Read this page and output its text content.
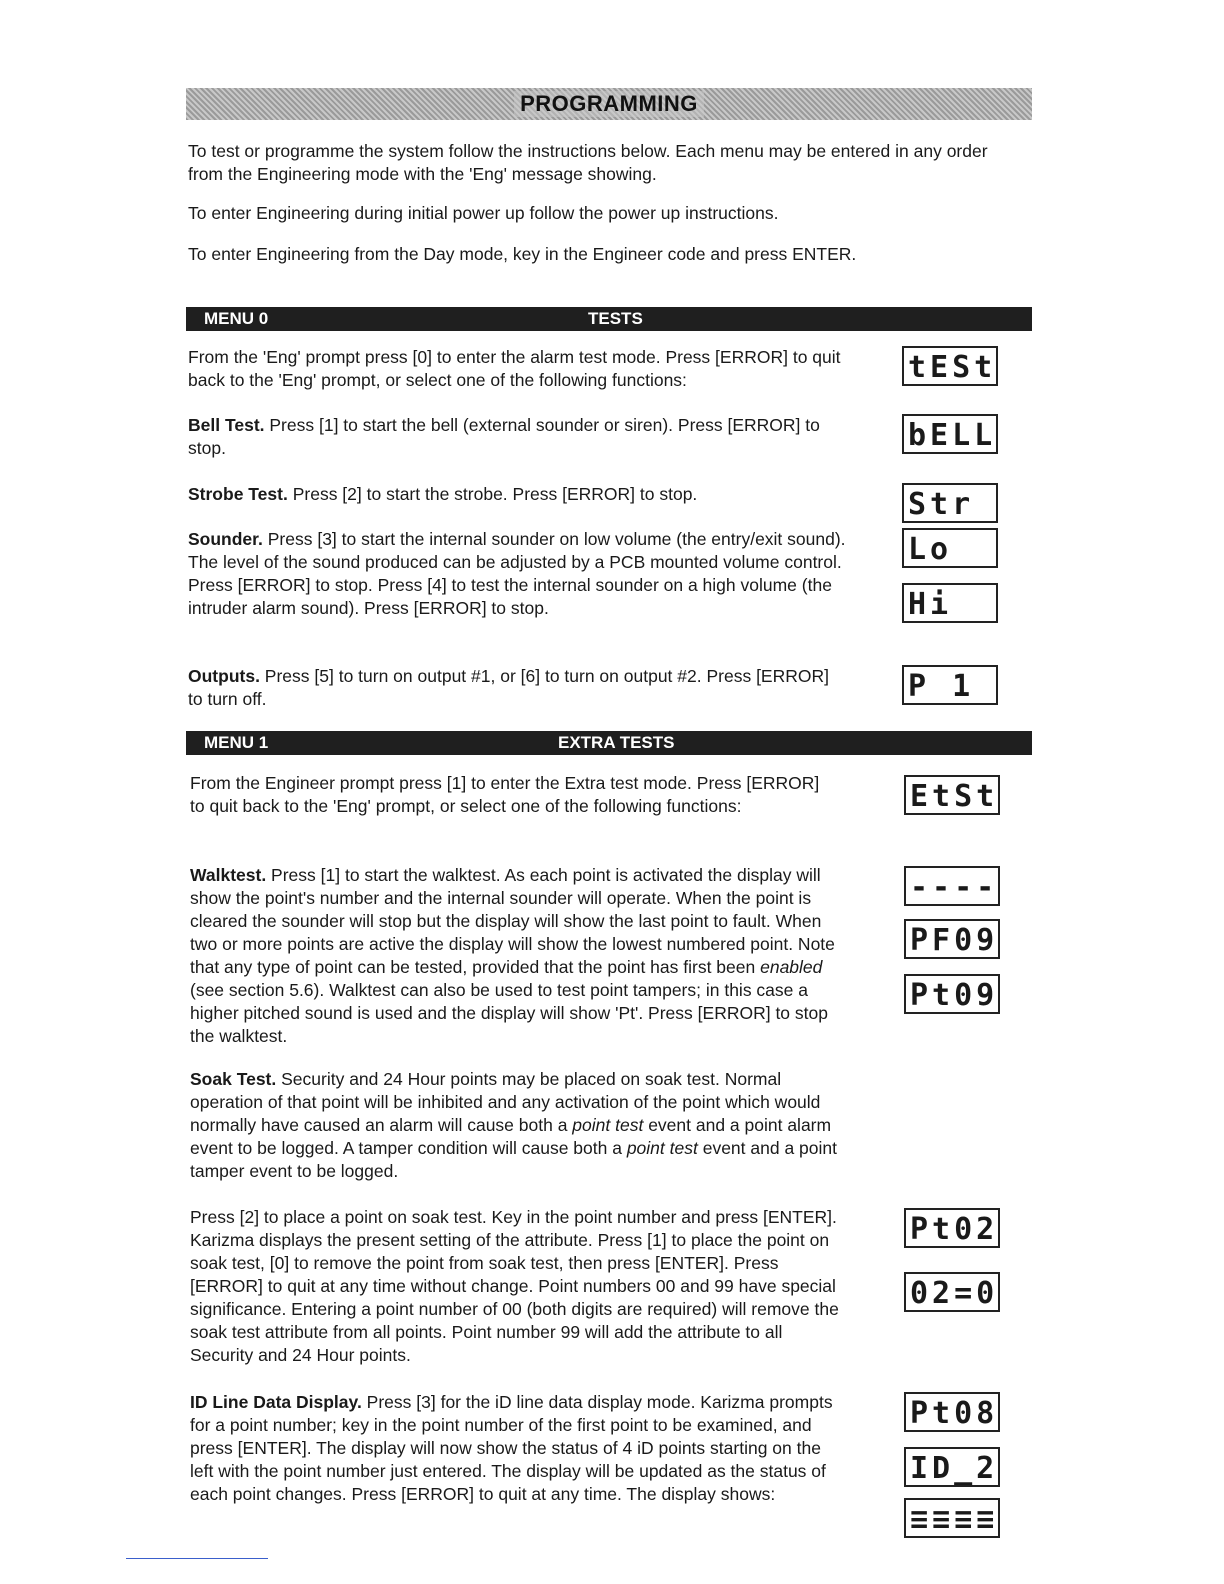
PROGRAMMING

To test or programme the system follow the instructions below. Each menu may be entered in any order from the Engineering mode with the 'Eng' message showing.

To enter Engineering during initial power up follow the power up instructions.

To enter Engineering from the Day mode, key in the Engineer code and press ENTER.

MENU 0	TESTS

From the 'Eng' prompt press [0] to enter the alarm test mode. Press [ERROR] to quit back to the 'Eng' prompt, or select one of the following functions:	tESt

Bell Test. Press [1] to start the bell (external sounder or siren). Press [ERROR] to stop.	bELL

Strobe Test. Press [2] to start the strobe. Press [ERROR] to stop.	Str

Sounder. Press [3] to start the internal sounder on low volume (the entry/exit sound). The level of the sound produced can be adjusted by a PCB mounted volume control. Press [ERROR] to stop. Press [4] to test the internal sounder on a high volume (the intruder alarm sound). Press [ERROR] to stop.

Lo
Hi

Outputs. Press [5] to turn on output #1, or [6] to turn on output #2. Press [ERROR] to turn off.	P 1
MENU 1	EXTRA TESTS

From the Engineer prompt press [1] to enter the Extra test mode. Press [ERROR] to quit back to the 'Eng' prompt, or select one of the following functions:	EtSt

Walktest. Press [1] to start the walktest. As each point is activated the display will show the point's number and the internal sounder will operate. When the point is cleared the sounder will stop but the display will show the last point to fault. When two or more points are active the display will show the lowest numbered point. Note that any type of point can be tested, provided that the point has first been enabled (see section 5.6). Walktest can also be used to test point tampers; in this case a higher pitched sound is used and the display will show 'Pt'. Press [ERROR] to stop the walktest.

----
PF09
Pt09

Soak Test. Security and 24 Hour points may be placed on soak test. Normal operation of that point will be inhibited and any activation of the point which would normally have caused an alarm will cause both a point test event and a point alarm event to be logged. A tamper condition will cause both a point test event and a point tamper event to be logged.

Press [2] to place a point on soak test. Key in the point number and press [ENTER]. Karizma displays the present setting of the attribute. Press [1] to place the point on soak test, [0] to remove the point from soak test, then press [ENTER]. Press [ERROR] to quit at any time without change. Point numbers 00 and 99 have special significance. Entering a point number of 00 (both digits are required) will remove the soak test attribute from all points. Point number 99 will add the attribute to all Security and 24 Hour points.

Pt02
02=0

ID Line Data Display. Press [3] for the iD line data display mode. Karizma prompts for a point number; key in the point number of the first point to be examined, and press [ENTER]. The display will now show the status of 4 iD points starting on the left with the point number just entered. The display will be updated as the status of each point changes. Press [ERROR] to quit at any time. The display shows:

Pt08
ID_2
≡≡≡≡
